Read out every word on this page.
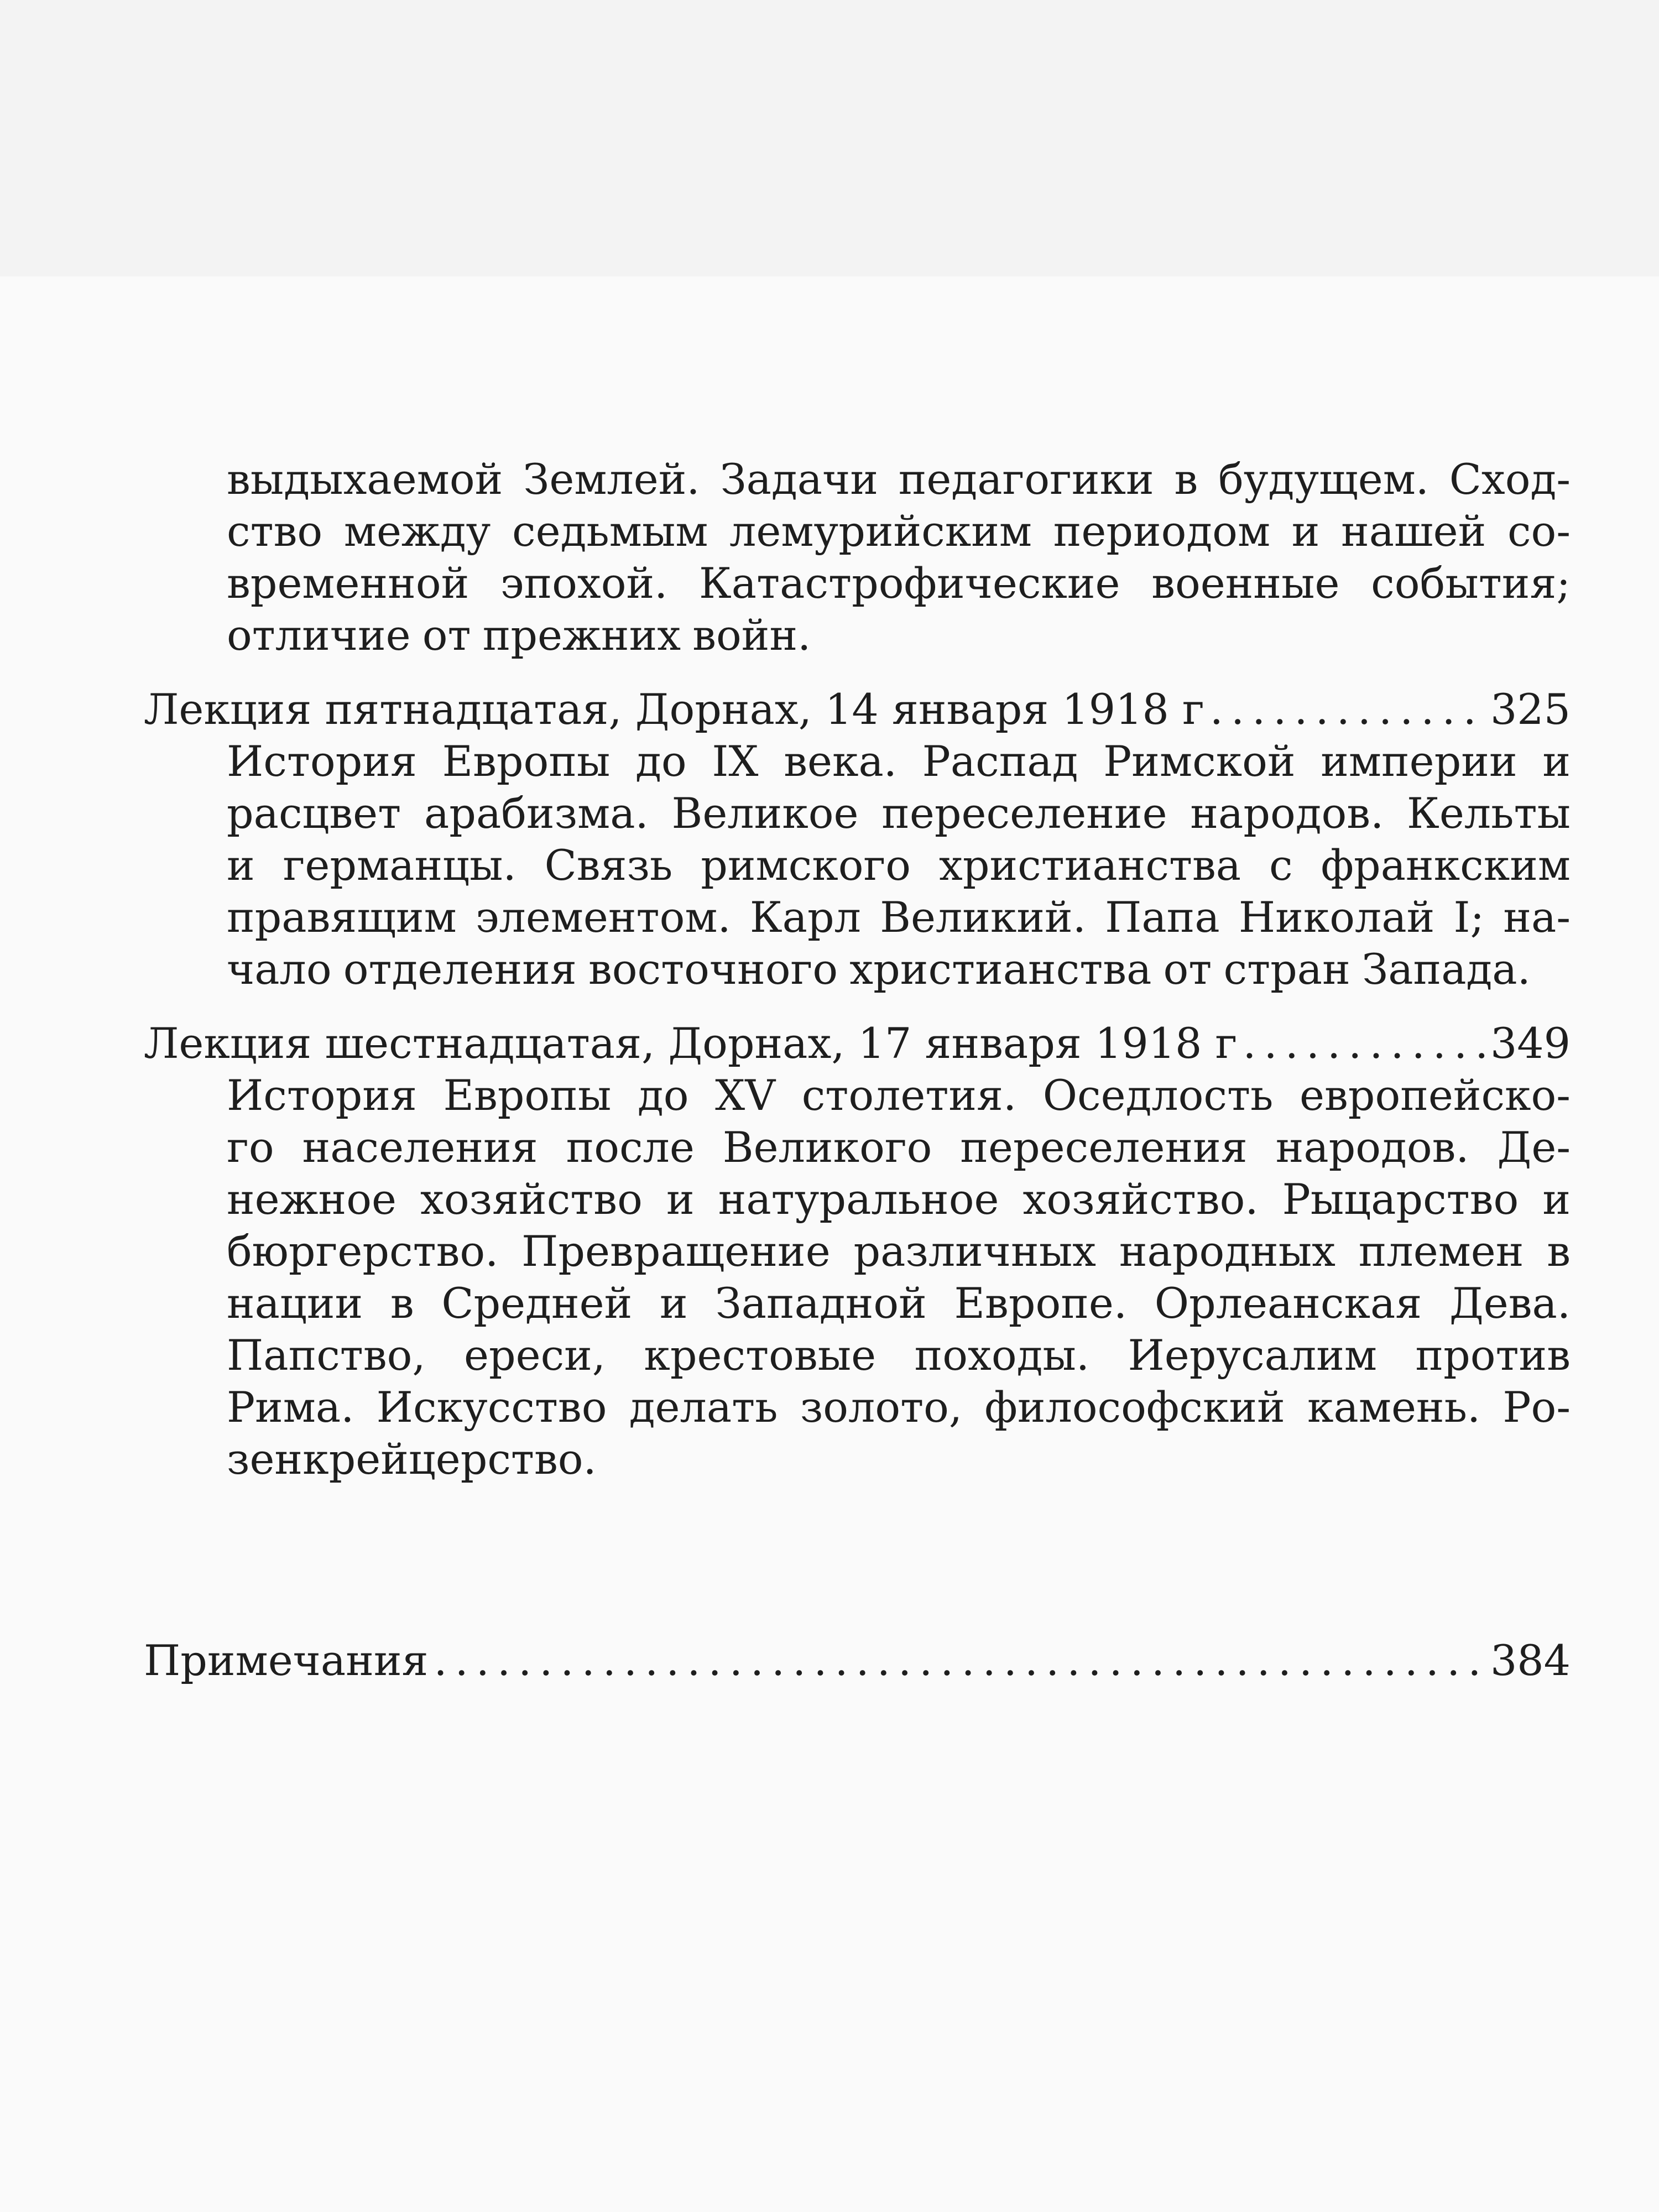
выдыхаемой Землей. Задачи педагогики в будущем. Сход-
ство между седьмым лемурийским периодом и нашей со-
временной эпохой. Катастрофические военные события;
отличие от прежних войн.
Лекция пятнадцатая, Дорнах, 14 января 1918 г .....	325
История Европы до IX века. Распад Римской империи и
расцвет арабизма. Великое переселение народов. Кельты
и германцы. Связь римского христианства с франкским
правящим элементом. Карл Великий. Папа Николай I; на-
чало отделения восточного христианства от стран Запада.
Лекция шестнадцатая, Дорнах, 17 января 1918 г .....	349
История Европы до XV столетия. Оседлость европейско-
го населения после Великого переселения народов. Де-
нежное хозяйство и натуральное хозяйство. Рыцарство и
бюргерство. Превращение различных народных племен в
нации в Средней и Западной Европе. Орлеанская Дева.
Папство, ереси, крестовые походы. Иерусалим против
Рима. Искусство делать золото, философский камень. Ро-
зенкрейцерство.
Примечания .....	384
